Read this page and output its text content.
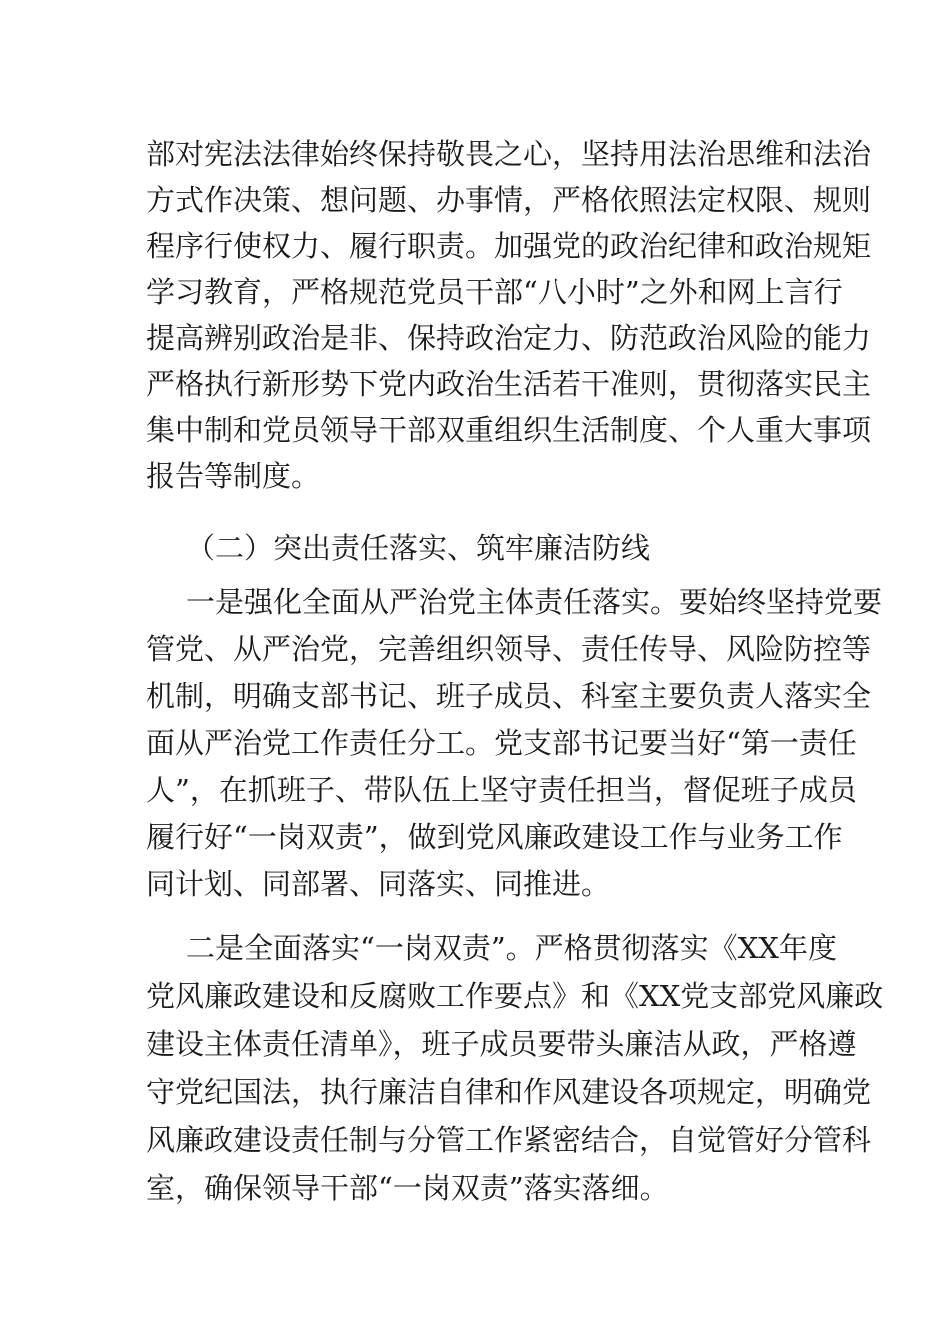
部对宪法法律始终保持敬畏之心，坚持用法治思维和法治
方式作决策、想问题、办事情，严格依照法定权限、规则
程序行使权力、履行职责。加强党的政治纪律和政治规矩
学习教育，严格规范党员干部“八小时”之外和网上言行
提高辨别政治是非、保持政治定力、防范政治风险的能力
严格执行新形势下党内政治生活若干准则，贯彻落实民主
集中制和党员领导干部双重组织生活制度、个人重大事项
报告等制度。
（二）突出责任落实、筑牢廉洁防线
一是强化全面从严治党主体责任落实。要始终坚持党要
管党、从严治党，完善组织领导、责任传导、风险防控等
机制，明确支部书记、班子成员、科室主要负责人落实全
面从严治党工作责任分工。党支部书记要当好“第一责任
人”，在抓班子、带队伍上坚守责任担当，督促班子成员
履行好“一岗双责”，做到党风廉政建设工作与业务工作
同计划、同部署、同落实、同推进。
二是全面落实“一岗双责”。严格贯彻落实《XX年度
党风廉政建设和反腐败工作要点》和《XX党支部党风廉政
建设主体责任清单》，班子成员要带头廉洁从政，严格遵
守党纪国法，执行廉洁自律和作风建设各项规定，明确党
风廉政建设责任制与分管工作紧密结合，自觉管好分管科
室，确保领导干部“一岗双责”落实落细。
